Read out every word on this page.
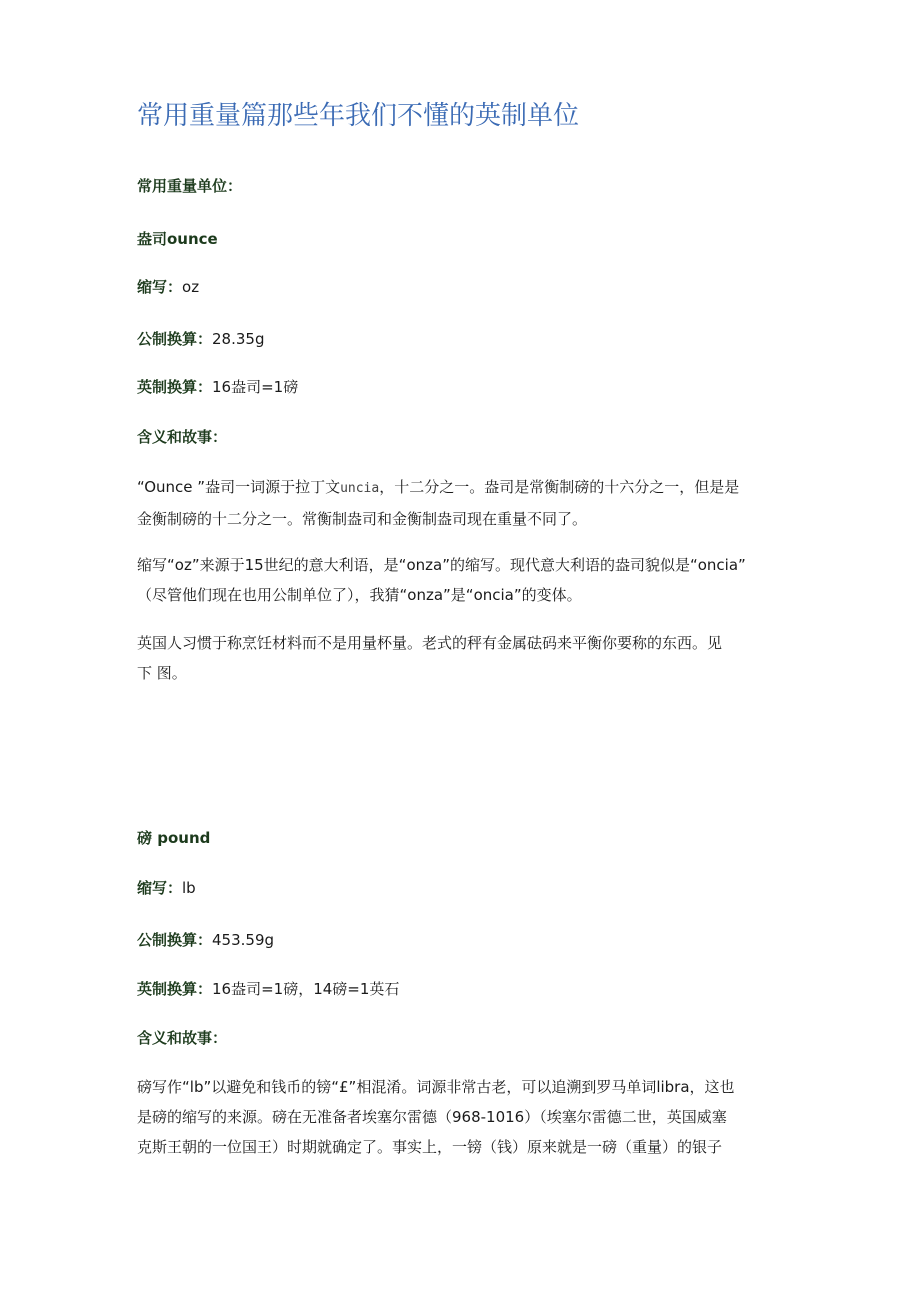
常用重量篇那些年我们不懂的英制单位

常用重量单位：

盎司ounce

缩写：oz

公制换算：28.35g

英制换算：16盎司=1磅

含义和故事：

“Ounce ”盎司一词源于拉丁文uncia，十二分之一。盎司是常衡制磅的十六分之一，但是是
金衡制磅的十二分之一。常衡制盎司和金衡制盎司现在重量不同了。
缩写“oz”来源于15世纪的意大利语，是“onza”的缩写。现代意大利语的盎司貌似是“oncia”
（尽管他们现在也用公制单位了），我猜“onza”是“oncia”的变体。
英国人习惯于称烹饪材料而不是用量杯量。老式的秤有金属砝码来平衡你要称的东西。见
下 图。

磅 pound

缩写：lb

公制换算：453.59g

英制换算：16盎司=1磅，14磅=1英石

含义和故事：

磅写作“lb”以避免和钱币的镑“£”相混淆。词源非常古老，可以追溯到罗马单词libra，这也
是磅的缩写的来源。磅在无准备者埃塞尔雷德（968-1016）（埃塞尔雷德二世，英国威塞
克斯王朝的一位国王）时期就确定了。事实上，一镑（钱）原来就是一磅（重量）的银子
